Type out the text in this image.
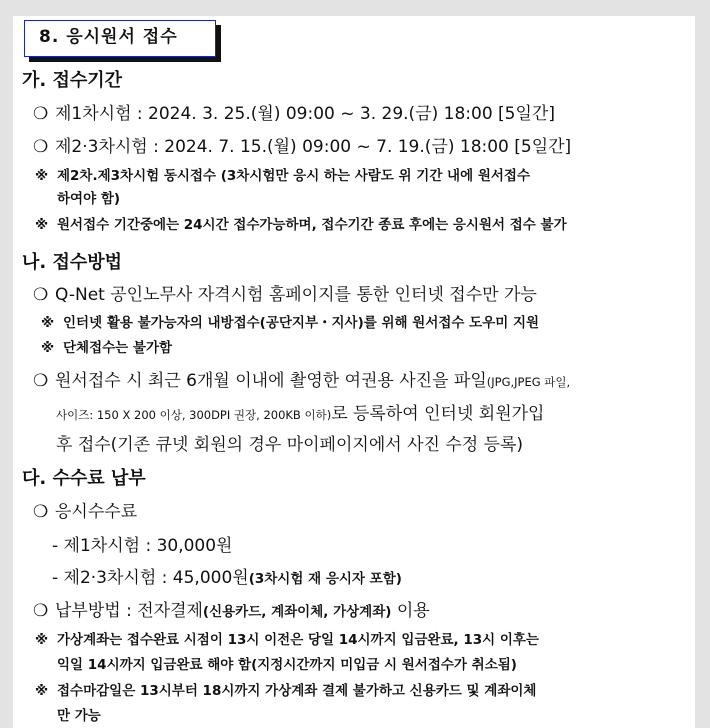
8. 응시원서 접수
가. 접수기간
❍ 제1차시험 : 2024. 3. 25.(월) 09:00 ~ 3. 29.(금) 18:00 [5일간]
❍ 제2·3차시험 : 2024. 7. 15.(월) 09:00 ~ 7. 19.(금) 18:00 [5일간]
※ 제2차.제3차시험 동시접수 (3차시험만 응시 하는 사람도 위 기간 내에 원서접수
하여야 함)
※ 원서접수 기간중에는 24시간 접수가능하며, 접수기간 종료 후에는 응시원서 접수 불가
나. 접수방법
❍ Q-Net 공인노무사 자격시험 홈페이지를 통한 인터넷 접수만 가능
※ 인터넷 활용 불가능자의 내방접수(공단지부・지사)를 위해 원서접수 도우미 지원
※ 단체접수는 불가함
❍ 원서접수 시 최근 6개월 이내에 촬영한 여권용 사진을 파일(JPG,JPEG 파일,
사이즈: 150 X 200 이상, 300DPI 권장, 200KB 이하)로 등록하여 인터넷 회원가입
후 접수(기존 큐넷 회원의 경우 마이페이지에서 사진 수정 등록)
다. 수수료 납부
❍ 응시수수료
- 제1차시험 : 30,000원
- 제2·3차시험 : 45,000원(3차시험 재 응시자 포함)
❍ 납부방법 : 전자결제(신용카드, 계좌이체, 가상계좌) 이용
※ 가상계좌는 접수완료 시점이 13시 이전은 당일 14시까지 입금완료, 13시 이후는
익일 14시까지 입금완료 해야 함(지정시간까지 미입금 시 원서접수가 취소됨)
※ 접수마감일은 13시부터 18시까지 가상계좌 결제 불가하고 신용카드 및 계좌이체
만 가능
